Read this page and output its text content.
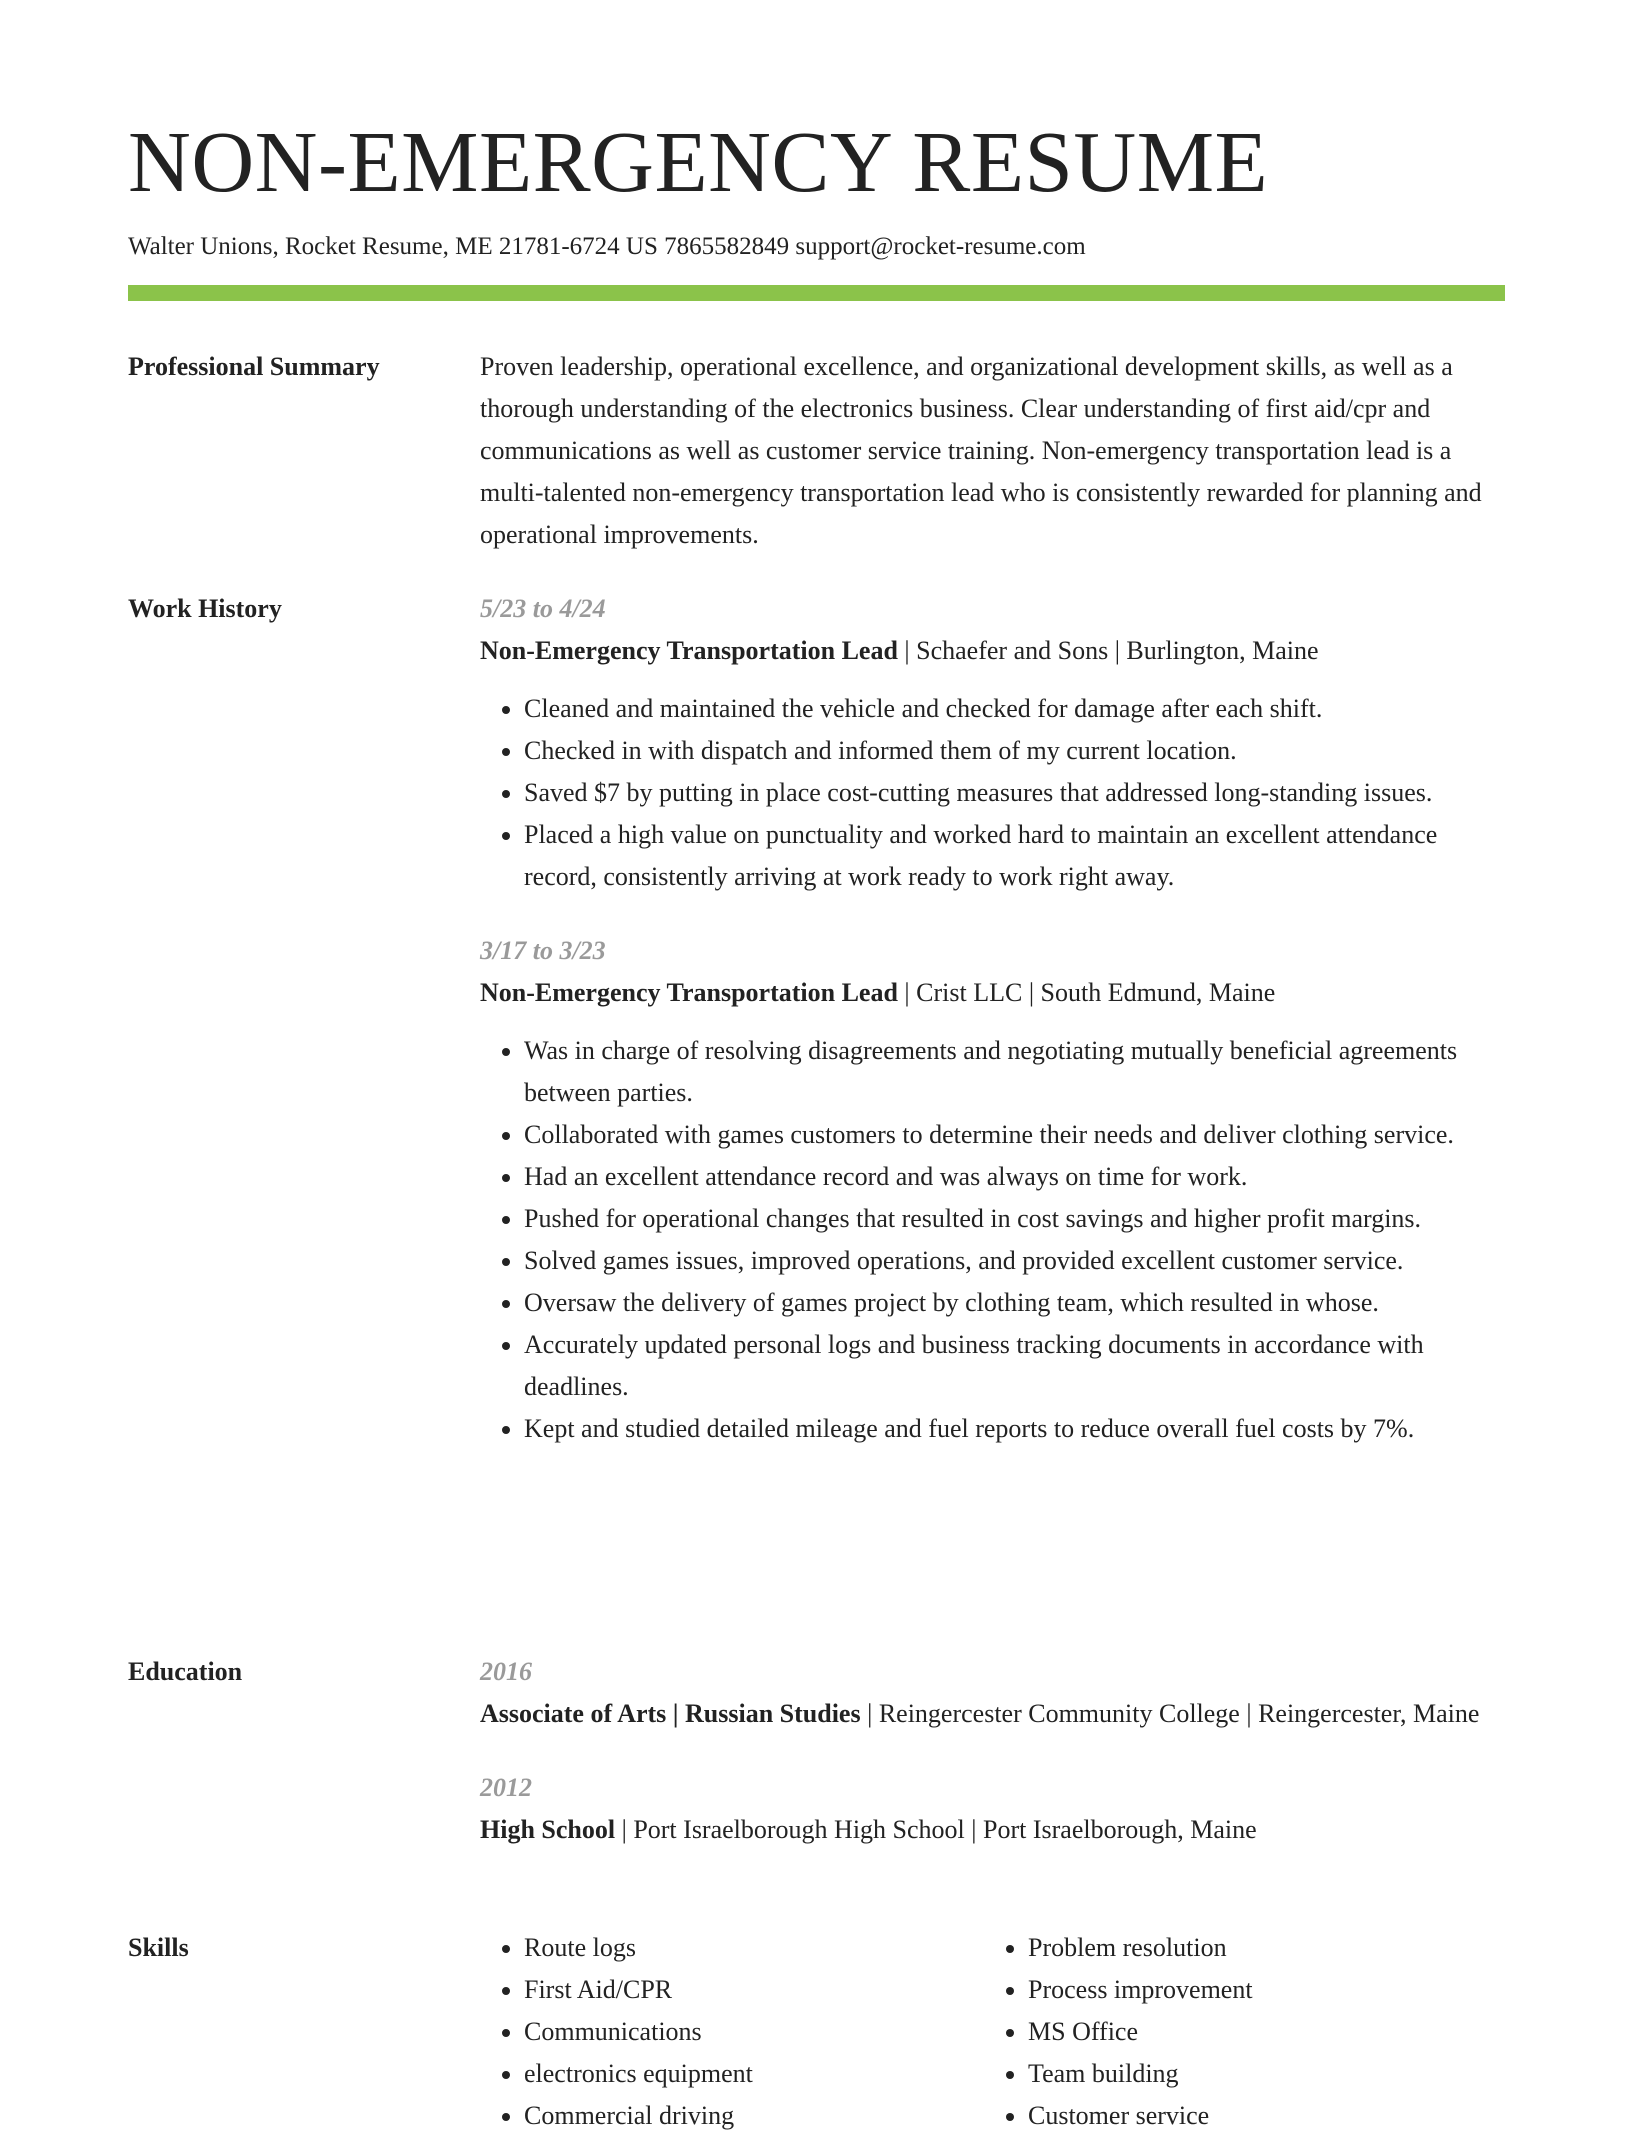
NON-EMERGENCY RESUME
Walter Unions, Rocket Resume, ME 21781-6724 US 7865582849 support@rocket-resume.com
Professional Summary	Proven leadership, operational excellence, and organizational development skills, as well as a thorough understanding of the electronics business. Clear understanding of first aid/cpr and communications as well as customer service training. Non-emergency transportation lead is a multi-talented non-emergency transportation lead who is consistently rewarded for planning and operational improvements.
Work History	5/23 to 4/24
Non-Emergency Transportation Lead | Schaefer and Sons | Burlington, Maine
• Cleaned and maintained the vehicle and checked for damage after each shift.
• Checked in with dispatch and informed them of my current location.
• Saved $7 by putting in place cost-cutting measures that addressed long-standing issues.
• Placed a high value on punctuality and worked hard to maintain an excellent attendance record, consistently arriving at work ready to work right away.
3/17 to 3/23
Non-Emergency Transportation Lead | Crist LLC | South Edmund, Maine
• Was in charge of resolving disagreements and negotiating mutually beneficial agreements between parties.
• Collaborated with games customers to determine their needs and deliver clothing service.
• Had an excellent attendance record and was always on time for work.
• Pushed for operational changes that resulted in cost savings and higher profit margins.
• Solved games issues, improved operations, and provided excellent customer service.
• Oversaw the delivery of games project by clothing team, which resulted in whose.
• Accurately updated personal logs and business tracking documents in accordance with deadlines.
• Kept and studied detailed mileage and fuel reports to reduce overall fuel costs by 7%.
Education	2016
Associate of Arts | Russian Studies | Reingercester Community College | Reingercester, Maine
2012
High School | Port Israelborough High School | Port Israelborough, Maine
Skills
•	Route logs
• First Aid/CPR
• Communications
• electronics equipment
• Commercial driving
• Problem resolution
• Process improvement
• MS Office
• Team building
• Customer service
